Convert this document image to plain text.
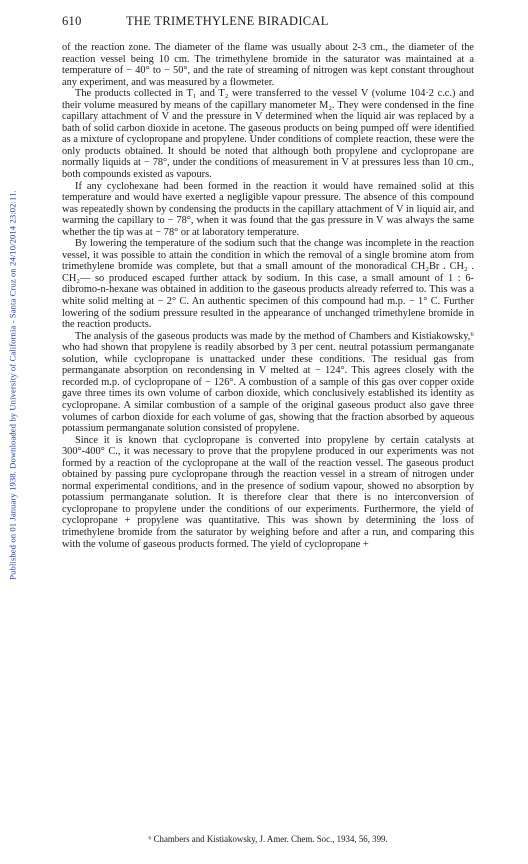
Published on 01 January 1938. Downloaded by University of California - Santa Cruz on 24/10/2014 23:02:11.
610	THE TRIMETHYLENE BIRADICAL

of the reaction zone. The diameter of the flame was usually about 2-3 cm., the diameter of the reaction vessel being 10 cm. The trimethylene bromide in the saturator was maintained at a temperature of − 40° to − 50°, and the rate of streaming of nitrogen was kept constant throughout any experiment, and was measured by a flowmeter.

The products collected in T₁ and T₂ were transferred to the vessel V (volume 104·2 c.c.) and their volume measured by means of the capillary manometer M₂. They were condensed in the fine capillary attachment of V and the pressure in V determined when the liquid air was replaced by a bath of solid carbon dioxide in acetone. The gaseous products on being pumped off were identified as a mixture of cyclopropane and propylene. Under conditions of complete reaction, these were the only products obtained. It should be noted that although both propylene and cyclopropane are normally liquids at − 78°, under the conditions of measurement in V at pressures less than 10 cm., both compounds existed as vapours.

If any cyclohexane had been formed in the reaction it would have remained solid at this temperature and would have exerted a negligible vapour pressure. The absence of this compound was repeatedly shown by condensing the products in the capillary attachment of V in liquid air, and warming the capillary to − 78°, when it was found that the gas pressure in V was always the same whether the tip was at − 78° or at laboratory temperature.

By lowering the temperature of the sodium such that the change was incomplete in the reaction vessel, it was possible to attain the condition in which the removal of a single bromine atom from trimethylene bromide was complete, but that a small amount of the monoradical CH₂Br . CH₂ . CH₂— so produced escaped further attack by sodium. In this case, a small amount of 1 : 6-dibromo-n-hexane was obtained in addition to the gaseous products already referred to. This was a white solid melting at − 2° C. An authentic specimen of this compound had m.p. − 1° C. Further lowering of the sodium pressure resulted in the appearance of unchanged trimethylene bromide in the reaction products.

The analysis of the gaseous products was made by the method of Chambers and Kistiakowsky,⁶ who had shown that propylene is readily absorbed by 3 per cent. neutral potassium permanganate solution, while cyclopropane is unattacked under these conditions. The residual gas from permanganate absorption on recondensing in V melted at − 124°. This agrees closely with the recorded m.p. of cyclopropane of − 126°. A combustion of a sample of this gas over copper oxide gave three times its own volume of carbon dioxide, which conclusively established its identity as cyclopropane. A similar combustion of a sample of the original gaseous product also gave three volumes of carbon dioxide for each volume of gas, showing that the fraction absorbed by aqueous potassium permanganate solution consisted of propylene.

Since it is known that cyclopropane is converted into propylene by certain catalysts at 300°-400° C., it was necessary to prove that the propylene produced in our experiments was not formed by a reaction of the cyclopropane at the wall of the reaction vessel. The gaseous product obtained by passing pure cyclopropane through the reaction vessel in a stream of nitrogen under normal experimental conditions, and in the presence of sodium vapour, showed no absorption by potassium permanganate solution. It is therefore clear that there is no interconversion of cyclopropane to propylene under the conditions of our experiments. Furthermore, the yield of cyclopropane + propylene was quantitative. This was shown by determining the loss of trimethylene bromide from the saturator by weighing before and after a run, and comparing this with the volume of gaseous products formed. The yield of cyclopropane +

⁶ Chambers and Kistiakowsky, J. Amer. Chem. Soc., 1934, 56, 399.
